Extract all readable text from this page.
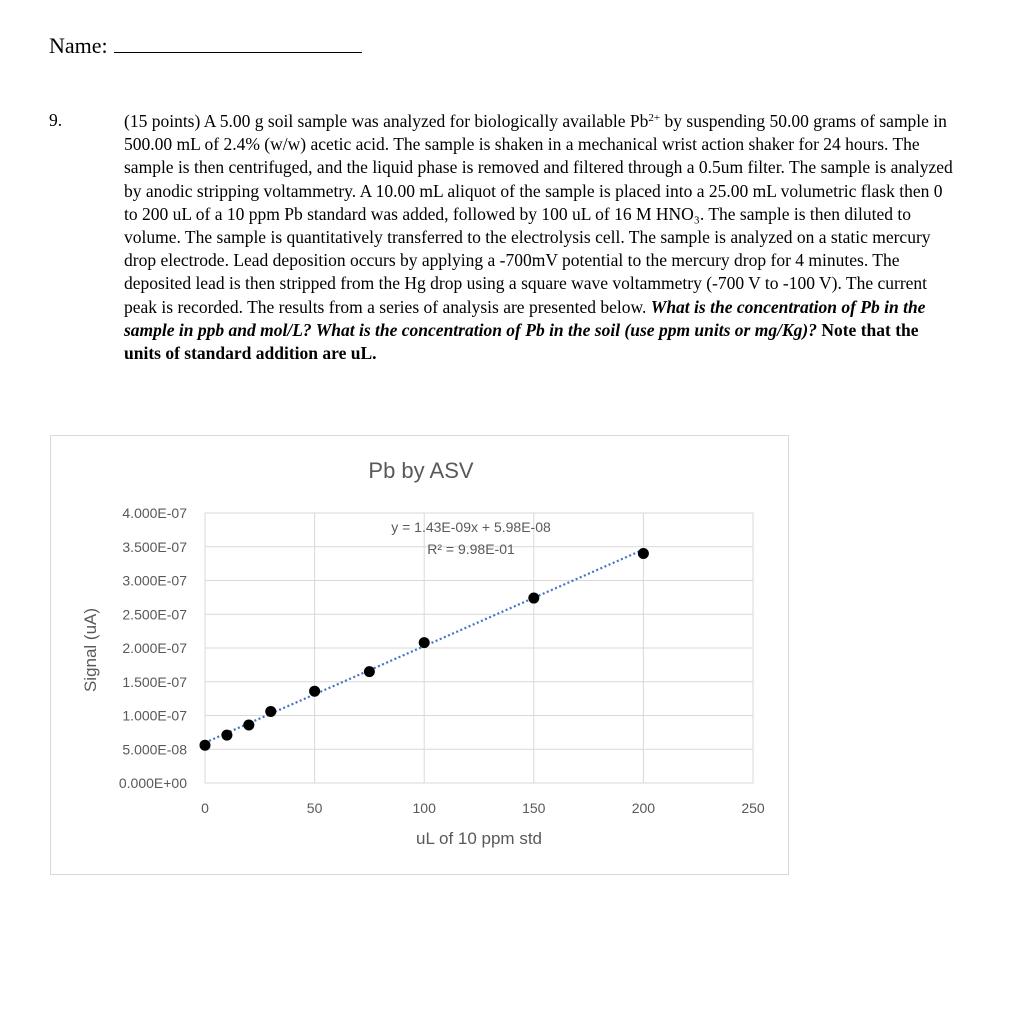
Name:
9.	(15 points) A 5.00 g soil sample was analyzed for biologically available $Pb^{2+}$ by suspending 50.00 grams of sample in 500.00 mL of 2.4% (w/w) acetic acid. The sample is shaken in a mechanical wrist action shaker for 24 hours. The sample is then centrifuged, and the liquid phase is removed and filtered through a 0.5um filter. The sample is analyzed by anodic stripping voltammetry. A 10.00 mL aliquot of the sample is placed into a 25.00 mL volumetric flask then 0 to 200 uL of a 10 ppm Pb standard was added, followed by 100 uL of 16 M HNO₃. The sample is then diluted to volume. The sample is quantitatively transferred to the electrolysis cell. The sample is analyzed on a static mercury drop electrode. Lead deposition occurs by applying a -700mV potential to the mercury drop for 4 minutes. The deposited lead is then stripped from the Hg drop using a square wave voltammetry (-700 V to -100 V). The current peak is recorded. The results from a series of analysis are presented below. What is the concentration of Pb in the sample in ppb and mol/L? What is the concentration of Pb in the soil (use ppm units or mg/Kg)? Note that the units of standard addition are uL.
0.000E+00
5.000E-08
1.000E-07
1.500E-07
2.000E-07
2.500E-07
3.000E-07
3.500E-07
4.000E-07
0	50	100	150	200	250
Pb by ASV
uL of 10 ppm std
Signal (uA)
y = 1.43E-09x + 5.98E-08
R² = 9.98E-01
